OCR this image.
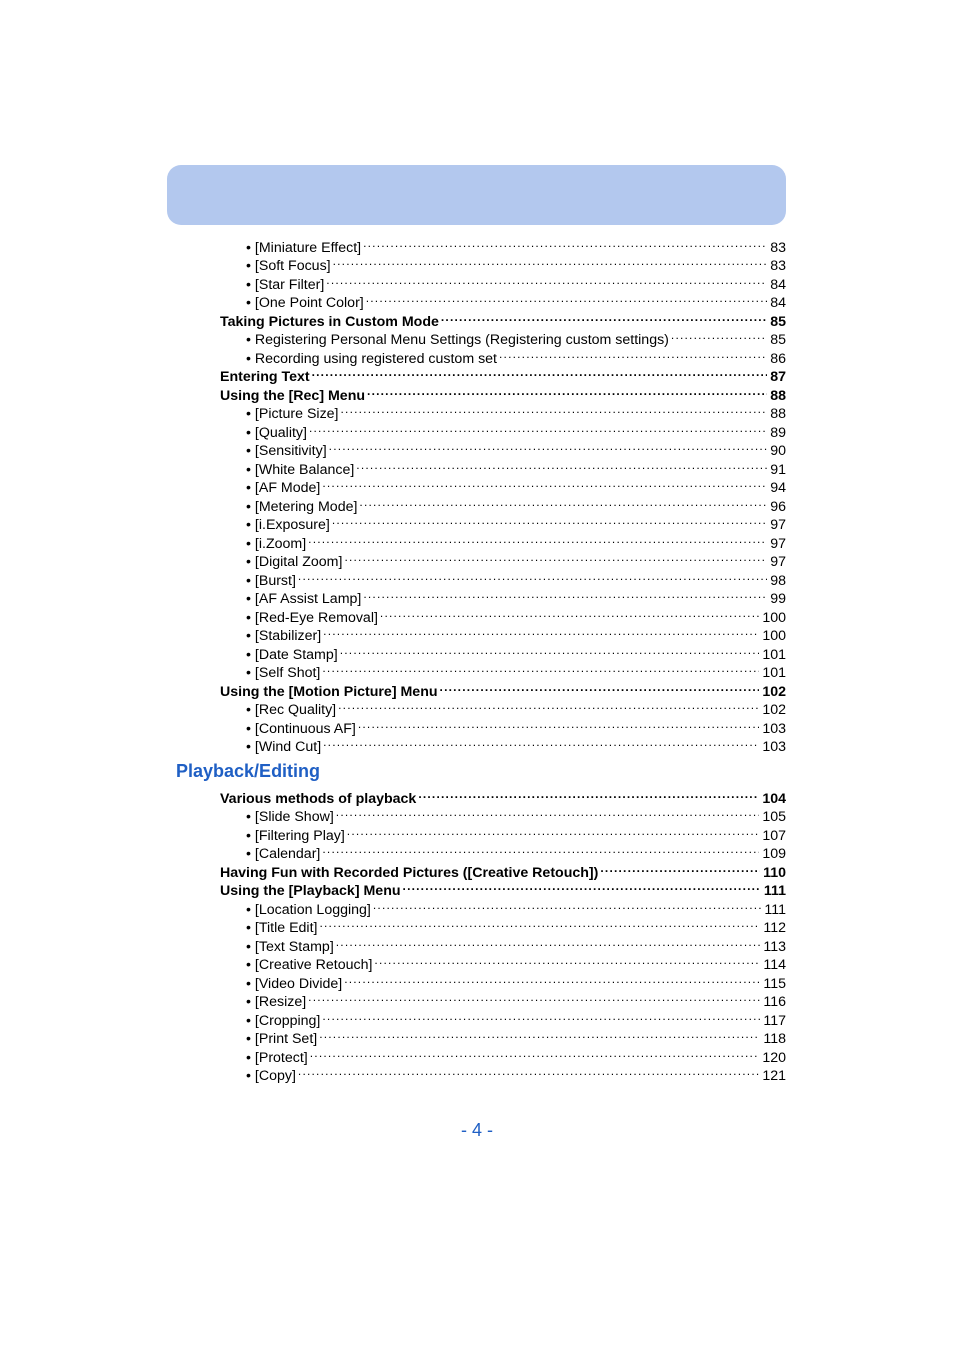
• [Miniature Effect] .....	83
• [Soft Focus] .....	83
• [Star Filter] .....	84
• [One Point Color] .....	84
Taking Pictures in Custom Mode .....	85
• Registering Personal Menu Settings (Registering custom settings) .....	85
• Recording using registered custom set .....	86
Entering Text .....	87
Using the [Rec] Menu .....	88
• [Picture Size] .....	88
• [Quality] .....	89
• [Sensitivity] .....	90
• [White Balance] .....	91
• [AF Mode] .....	94
• [Metering Mode] .....	96
• [i.Exposure] .....	97
• [i.Zoom] .....	97
• [Digital Zoom] .....	97
• [Burst] .....	98
• [AF Assist Lamp] .....	99
• [Red-Eye Removal] .....	100
• [Stabilizer] .....	100
• [Date Stamp] .....	101
• [Self Shot] .....	101
Using the [Motion Picture] Menu .....	102
• [Rec Quality] .....	102
• [Continuous AF] .....	103
• [Wind Cut] .....	103
Playback/Editing
Various methods of playback .....	104
• [Slide Show] .....	105
• [Filtering Play] .....	107
• [Calendar] .....	109
Having Fun with Recorded Pictures ([Creative Retouch]) .....	110
Using the [Playback] Menu .....	111
• [Location Logging] .....	111
• [Title Edit] .....	112
• [Text Stamp] .....	113
• [Creative Retouch] .....	114
• [Video Divide] .....	115
• [Resize] .....	116
• [Cropping] .....	117
• [Print Set] .....	118
• [Protect] .....	120
• [Copy] .....	121
- 4 -
